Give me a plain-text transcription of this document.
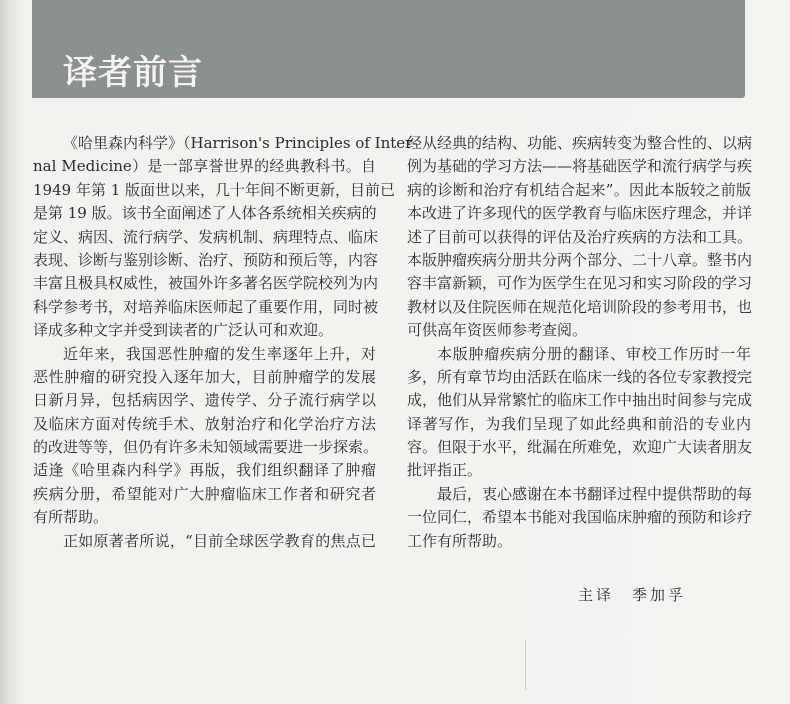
译者前言
《哈里森内科学》（Harrison's Principles of Inter-
nal Medicine）是一部享誉世界的经典教科书。自
1949 年第 1 版面世以来，几十年间不断更新，目前已
是第 19 版。该书全面阐述了人体各系统相关疾病的
定义、病因、流行病学、发病机制、病理特点、临床
表现、诊断与鉴别诊断、治疗、预防和预后等，内容
丰富且极具权威性，被国外许多著名医学院校列为内
科学参考书，对培养临床医师起了重要作用，同时被
译成多种文字并受到读者的广泛认可和欢迎。
近年来，我国恶性肿瘤的发生率逐年上升，对
恶性肿瘤的研究投入逐年加大，目前肿瘤学的发展
日新月异，包括病因学、遗传学、分子流行病学以
及临床方面对传统手术、放射治疗和化学治疗方法
的改进等等，但仍有许多未知领域需要进一步探索。
适逢《哈里森内科学》再版，我们组织翻译了肿瘤
疾病分册，希望能对广大肿瘤临床工作者和研究者
有所帮助。
正如原著者所说，“目前全球医学教育的焦点已
经从经典的结构、功能、疾病转变为整合性的、以病
例为基础的学习方法——将基础医学和流行病学与疾
病的诊断和治疗有机结合起来”。因此本版较之前版
本改进了许多现代的医学教育与临床医疗理念，并详
述了目前可以获得的评估及治疗疾病的方法和工具。
本版肿瘤疾病分册共分两个部分、二十八章。整书内
容丰富新颖，可作为医学生在见习和实习阶段的学习
教材以及住院医师在规范化培训阶段的参考用书，也
可供高年资医师参考查阅。
本版肿瘤疾病分册的翻译、审校工作历时一年
多，所有章节均由活跃在临床一线的各位专家教授完
成，他们从异常繁忙的临床工作中抽出时间参与完成
译著写作，为我们呈现了如此经典和前沿的专业内
容。但限于水平，纰漏在所难免，欢迎广大读者朋友
批评指正。
最后，衷心感谢在本书翻译过程中提供帮助的每
一位同仁，希望本书能对我国临床肿瘤的预防和诊疗
工作有所帮助。
主译 季加孚
